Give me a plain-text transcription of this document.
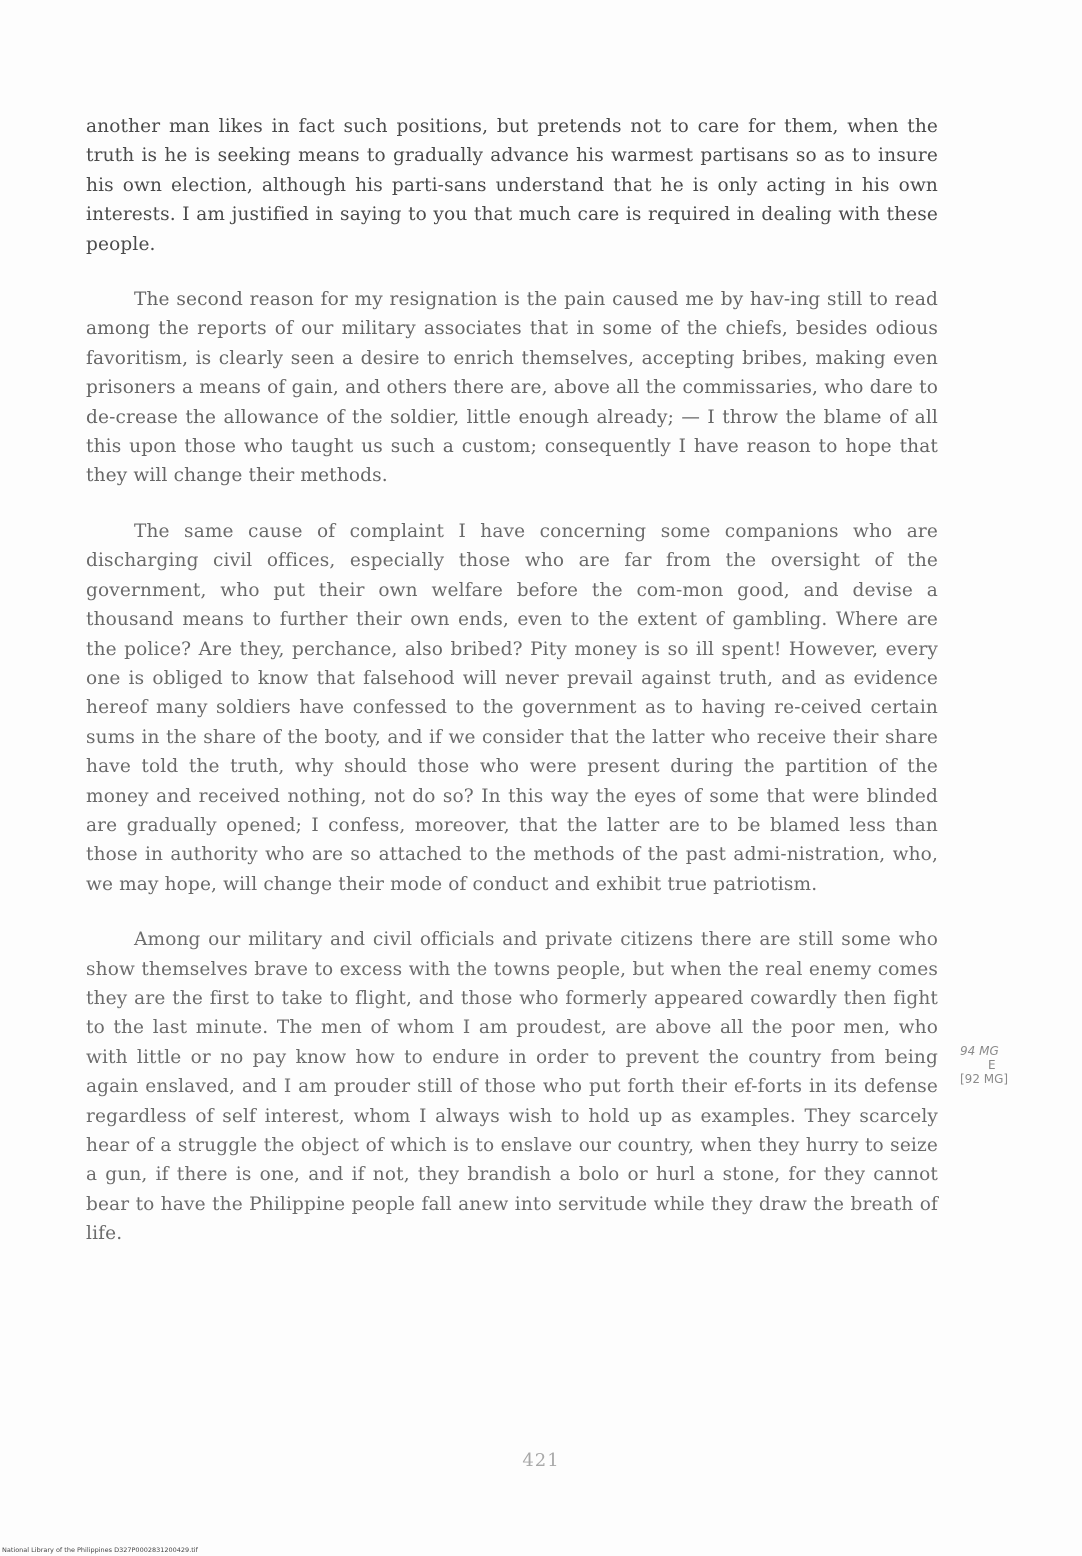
another man likes in fact such positions, but pretends not to care for them, when the truth is he is seeking means to gradually advance his warmest partisans so as to insure his own election, although his parti-sans understand that he is only acting in his own interests. I am justified in saying to you that much care is required in dealing with these people.

The second reason for my resignation is the pain caused me by hav-ing still to read among the reports of our military associates that in some of the chiefs, besides odious favoritism, is clearly seen a desire to enrich themselves, accepting bribes, making even prisoners a means of gain, and others there are, above all the commissaries, who dare to de-crease the allowance of the soldier, little enough already; — I throw the blame of all this upon those who taught us such a custom; consequently I have reason to hope that they will change their methods.

The same cause of complaint I have concerning some companions who are discharging civil offices, especially those who are far from the oversight of the government, who put their own welfare before the com-mon good, and devise a thousand means to further their own ends, even to the extent of gambling. Where are the police? Are they, perchance, also bribed? Pity money is so ill spent! However, every one is obliged to know that falsehood will never prevail against truth, and as evidence hereof many soldiers have confessed to the government as to having re-ceived certain sums in the share of the booty, and if we consider that the latter who receive their share have told the truth, why should those who were present during the partition of the money and received nothing, not do so? In this way the eyes of some that were blinded are gradually opened; I confess, moreover, that the latter are to be blamed less than those in authority who are so attached to the methods of the past admi-nistration, who, we may hope, will change their mode of conduct and exhibit true patriotism.

Among our military and civil officials and private citizens there are still some who show themselves brave to excess with the towns people, but when the real enemy comes they are the first to take to flight, and those who formerly appeared cowardly then fight to the last minute. The men of whom I am proudest, are above all the poor men, who with little or no pay know how to endure in order to prevent the country from being again enslaved, and I am prouder still of those who put forth their ef-forts in its defense regardless of self interest, whom I always wish to hold up as examples. They scarcely hear of a struggle the object of which is to enslave our country, when they hurry to seize a gun, if there is one, and if not, they brandish a bolo or hurl a stone, for they cannot bear to have the Philippine people fall anew into servitude while they draw the breath of life.

94 MG
E
[92 MG]
421
National Library of the Philippines D327P0002831200429.tif
